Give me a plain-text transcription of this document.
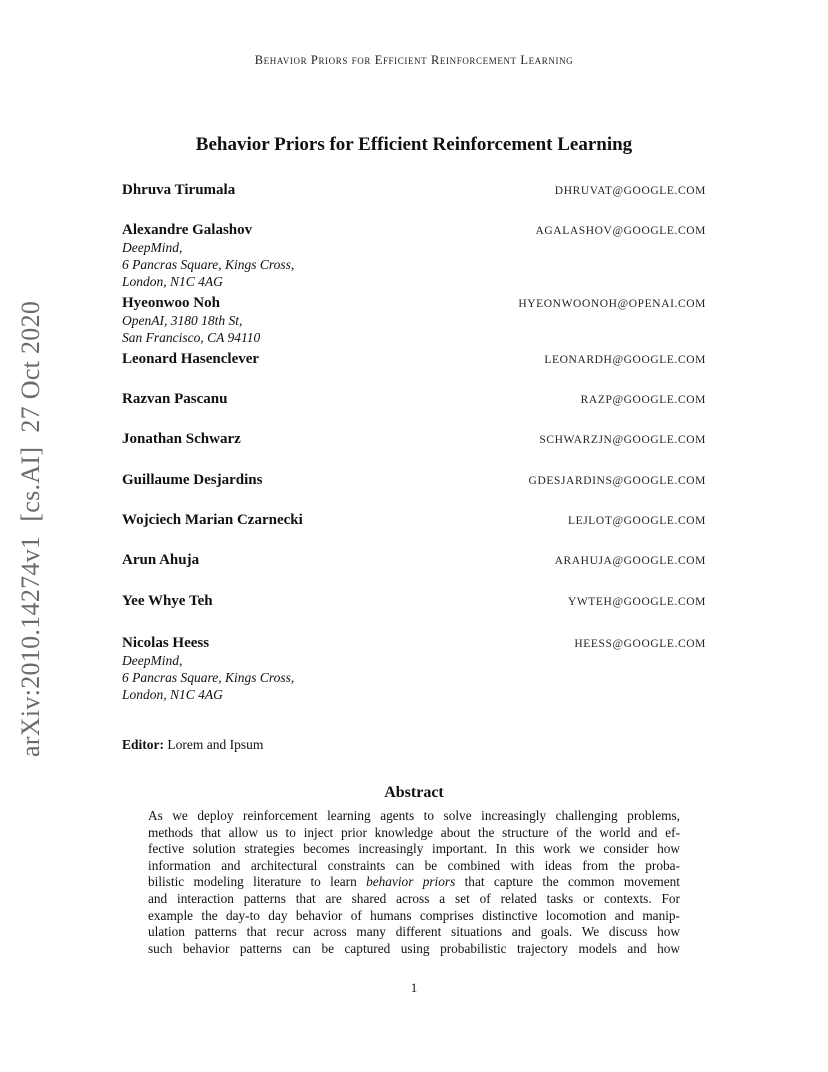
Behavior Priors for Efficient Reinforcement Learning
arXiv:2010.14274v1[cs.AI]27 Oct 2020
Behavior Priors for Efficient Reinforcement Learning
Dhruva Tirumala	DHRUVAT@GOOGLE.COM
Alexandre Galashov	AGALASHOV@GOOGLE.COM
DeepMind,
6 Pancras Square, Kings Cross,
London, N1C 4AG
Hyeonwoo Noh	HYEONWOONOH@OPENAI.COM
OpenAI, 3180 18th St,
San Francisco, CA 94110
Leonard Hasenclever	LEONARDH@GOOGLE.COM
Razvan Pascanu	RAZP@GOOGLE.COM
Jonathan Schwarz	SCHWARZJN@GOOGLE.COM
Guillaume Desjardins	GDESJARDINS@GOOGLE.COM
Wojciech Marian Czarnecki	LEJLOT@GOOGLE.COM
Arun Ahuja	ARAHUJA@GOOGLE.COM
Yee Whye Teh	YWTEH@GOOGLE.COM
Nicolas Heess	HEESS@GOOGLE.COM
DeepMind,
6 Pancras Square, Kings Cross,
London, N1C 4AG
Editor: Lorem and Ipsum
Abstract
As we deploy reinforcement learning agents to solve increasingly challenging problems,
methods that allow us to inject prior knowledge about the structure of the world and ef-
fective solution strategies becomes increasingly important. In this work we consider how
information and architectural constraints can be combined with ideas from the proba-
bilistic modeling literature to learn behavior priors that capture the common movement
and interaction patterns that are shared across a set of related tasks or contexts. For
example the day-to day behavior of humans comprises distinctive locomotion and manip-
ulation patterns that recur across many different situations and goals. We discuss how
such behavior patterns can be captured using probabilistic trajectory models and how
1
